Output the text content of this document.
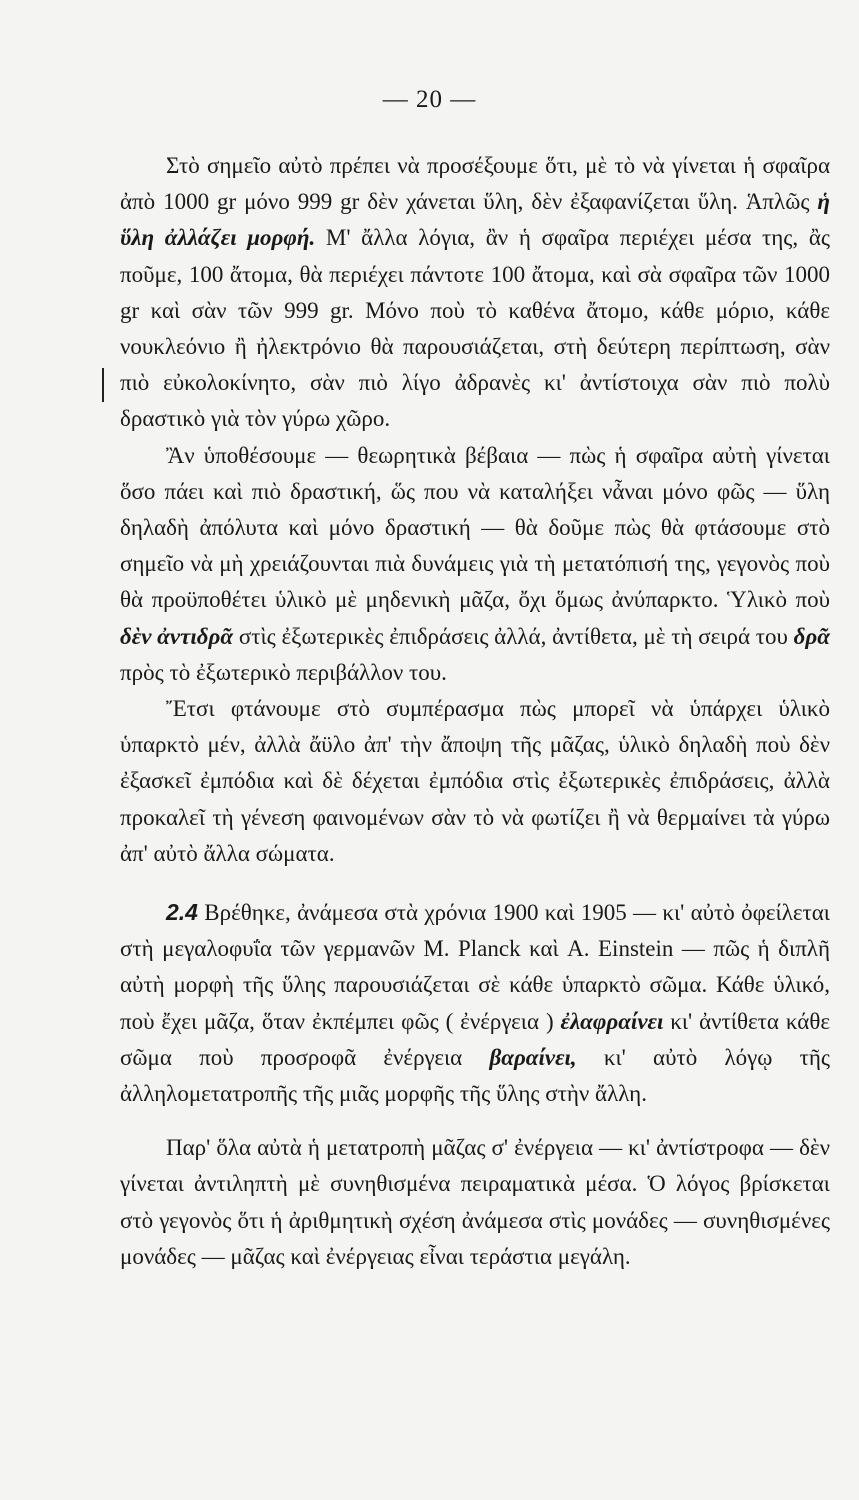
— 20 —

Στὸ σημεῖο αὐτὸ πρέπει νὰ προσέξουμε ὅτι, μὲ τὸ νὰ γίνεται ἡ σφαῖρα ἀπὸ 1000 gr μόνο 999 gr δὲν χάνεται ὕλη, δὲν ἐξαφανίζεται ὕλη. Ἁπλῶς ἡ ὕλη ἀλλάζει μορφή. Μ' ἄλλα λόγια, ἂν ἡ σφαῖρα περιέχει μέσα της, ἂς ποῦμε, 100 ἄτομα, θὰ περιέχει πάντοτε 100 ἄτομα, καὶ σὰ σφαῖρα τῶν 1000 gr καὶ σὰν τῶν 999 gr. Μόνο ποὺ τὸ καθένα ἄτομο, κάθε μόριο, κάθε νουκλεόνιο ἢ ἠλεκτρόνιο θὰ παρουσιάζεται, στὴ δεύτερη περίπτωση, σὰν πιὸ εὐκολοκίνητο, σὰν πιὸ λίγο ἀδρανὲς κι' ἀντίστοιχα σὰν πιὸ πολὺ δραστικὸ γιὰ τὸν γύρω χῶρο.

Ἂν ὑποθέσουμε — θεωρητικὰ βέβαια — πὼς ἡ σφαῖρα αὐτὴ γίνεται ὅσο πάει καὶ πιὸ δραστική, ὥς που νὰ καταλήξει νἆναι μόνο φῶς — ὕλη δηλαδὴ ἀπόλυτα καὶ μόνο δραστική — θὰ δοῦμε πὼς θὰ φτάσουμε στὸ σημεῖο νὰ μὴ χρειάζουνται πιὰ δυνάμεις γιὰ τὴ μετατόπισή της, γεγονὸς ποὺ θὰ προϋποθέτει ὑλικὸ μὲ μηδενικὴ μᾶζα, ὄχι ὅμως ἀνύπαρκτο. Ὑλικὸ ποὺ δὲν ἀντιδρᾶ στὶς ἐξωτερικὲς ἐπιδράσεις ἀλλά, ἀντίθετα, μὲ τὴ σειρά του δρᾶ πρὸς τὸ ἐξωτερικὸ περιβάλλον του.

Ἔτσι φτάνουμε στὸ συμπέρασμα πὼς μπορεῖ νὰ ὑπάρχει ὑλικὸ ὑπαρκτὸ μέν, ἀλλὰ ἄϋλο ἀπ' τὴν ἄποψη τῆς μᾶζας, ὑλικὸ δηλαδὴ ποὺ δὲν ἐξασκεῖ ἐμπόδια καὶ δὲ δέχεται ἐμπόδια στὶς ἐξωτερικὲς ἐπιδράσεις, ἀλλὰ προκαλεῖ τὴ γένεση φαινομένων σὰν τὸ νὰ φωτίζει ἢ νὰ θερμαίνει τὰ γύρω ἀπ' αὐτὸ ἄλλα σώματα.

2.4 Βρέθηκε, ἀνάμεσα στὰ χρόνια 1900 καὶ 1905 — κι' αὐτὸ ὀφείλεται στὴ μεγαλοφυΐα τῶν γερμανῶν M. Planck καὶ A. Einstein — πῶς ἡ διπλῆ αὐτὴ μορφὴ τῆς ὕλης παρουσιάζεται σὲ κάθε ὑπαρκτὸ σῶμα. Κάθε ὑλικό, ποὺ ἔχει μᾶζα, ὅταν ἐκπέμπει φῶς ( ἐνέργεια ) ἐλαφραίνει κι' ἀντίθετα κάθε σῶμα ποὺ προσροφᾶ ἐνέργεια βαραίνει, κι' αὐτὸ λόγῳ τῆς ἀλληλομετατροπῆς τῆς μιᾶς μορφῆς τῆς ὕλης στὴν ἄλλη.

Παρ' ὅλα αὐτὰ ἡ μετατροπὴ μᾶζας σ' ἐνέργεια — κι' ἀντίστροφα — δὲν γίνεται ἀντιληπτὴ μὲ συνηθισμένα πειραματικὰ μέσα. Ὁ λόγος βρίσκεται στὸ γεγονὸς ὅτι ἡ ἀριθμητικὴ σχέση ἀνάμεσα στὶς μονάδες — συνηθισμένες μονάδες — μᾶζας καὶ ἐνέργειας εἶναι τεράστια μεγάλη.
